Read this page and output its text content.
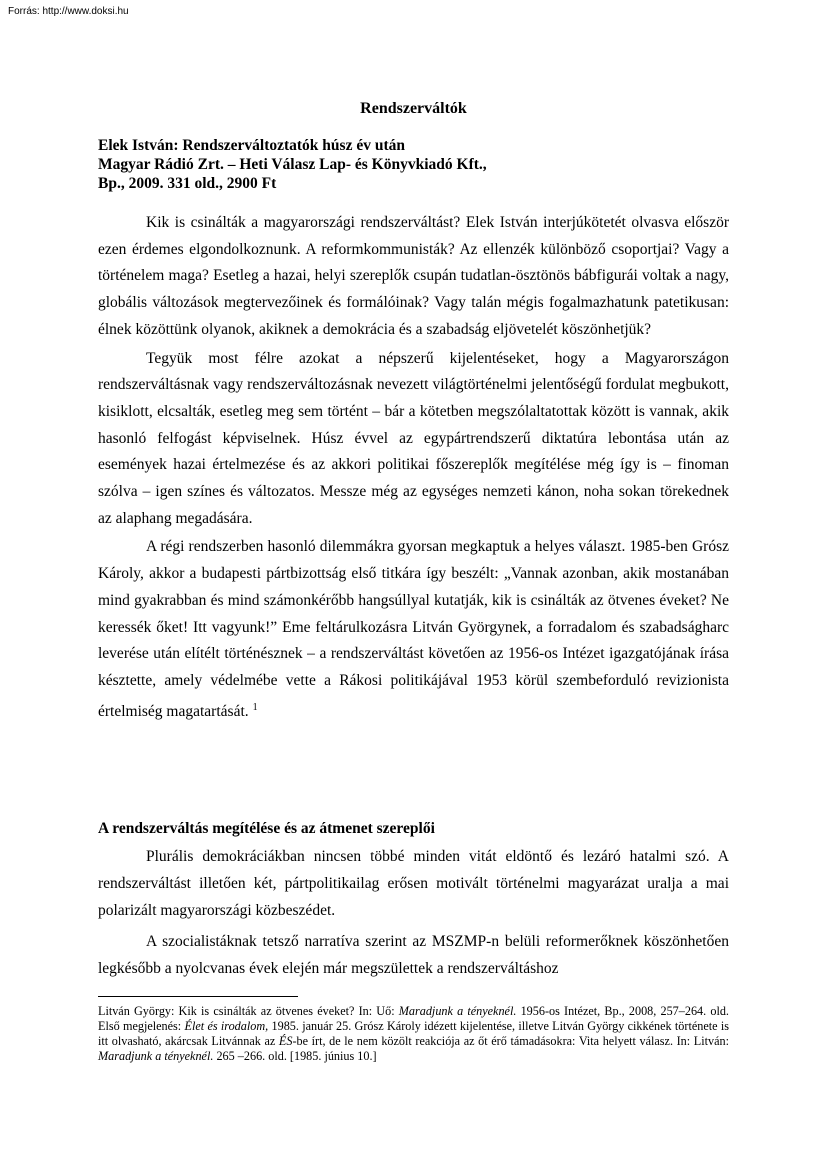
Forrás: http://www.doksi.hu
Rendszerváltók
Elek István: Rendszerváltoztatók húsz év után
Magyar Rádió Zrt. – Heti Válasz Lap- és Könyvkiadó Kft.,
Bp., 2009. 331 old., 2900 Ft

Kik is csinálták a magyarországi rendszerváltást? Elek István interjúkötetét olvasva először ezen érdemes elgondolkoznunk. A reformkommunisták? Az ellenzék különböző csoportjai? Vagy a történelem maga? Esetleg a hazai, helyi szereplők csupán tudatlan-ösztönös bábfigurái voltak a nagy, globális változások megtervezőinek és formálóinak? Vagy talán mégis fogalmazhatunk patetikusan: élnek közöttünk olyanok, akiknek a demokrácia és a szabadság eljövetelét köszönhetjük?

Tegyük most félre azokat a népszerű kijelentéseket, hogy a Magyarországon rendszerváltásnak vagy rendszerváltozásnak nevezett világtörténelmi jelentőségű fordulat megbukott, kisiklott, elcsalták, esetleg meg sem történt – bár a kötetben megszólaltatottak között is vannak, akik hasonló felfogást képviselnek. Húsz évvel az egypártrendszerű diktatúra lebontása után az események hazai értelmezése és az akkori politikai főszereplők megítélése még így is – finoman szólva – igen színes és változatos. Messze még az egységes nemzeti kánon, noha sokan törekednek az alaphang megadására.

A régi rendszerben hasonló dilemmákra gyorsan megkaptuk a helyes választ. 1985-ben Grósz Károly, akkor a budapesti pártbizottság első titkára így beszélt: „Vannak azonban, akik mostanában mind gyakrabban és mind számonkérőbb hangsúllyal kutatják, kik is csinálták az ötvenes éveket? Ne keressék őket! Itt vagyunk!” Eme feltárulkozásra Litván Györgynek, a forradalom és szabadságharc leverése után elítélt történésznek – a rendszerváltást követően az 1956-os Intézet igazgatójának írása késztette, amely védelmébe vette a Rákosi politikájával 1953 körül szembeforduló revizionista értelmiség magatartását. $^1$

A rendszerváltás megítélése és az átmenet szereplői

Plurális demokráciákban nincsen többé minden vitát eldöntő és lezáró hatalmi szó. A rendszerváltást illetően két, pártpolitikailag erősen motivált történelmi magyarázat uralja a mai polarizált magyarországi közbeszédet.

A szocialistáknak tetsző narratíva szerint az MSZMP-n belüli reformerőknek köszönhetően legkésőbb a nyolcvanas évek elején már megszülettek a rendszerváltáshoz

Litván György: Kik is csinálták az ötvenes éveket? In: Uő: Maradjunk a tényeknél. 1956-os Intézet, Bp., 2008, 257–264. old. Első megjelenés: Élet és irodalom, 1985. január 25. Grósz Károly idézett kijelentése, illetve Litván György cikkének története is itt olvasható, akárcsak Litvánnak az ÉS-be írt, de le nem közölt reakciója az őt érő támadásokra: Vita helyett válasz. In: Litván: Maradjunk a tényeknél. 265 –266. old. [1985. június 10.]
